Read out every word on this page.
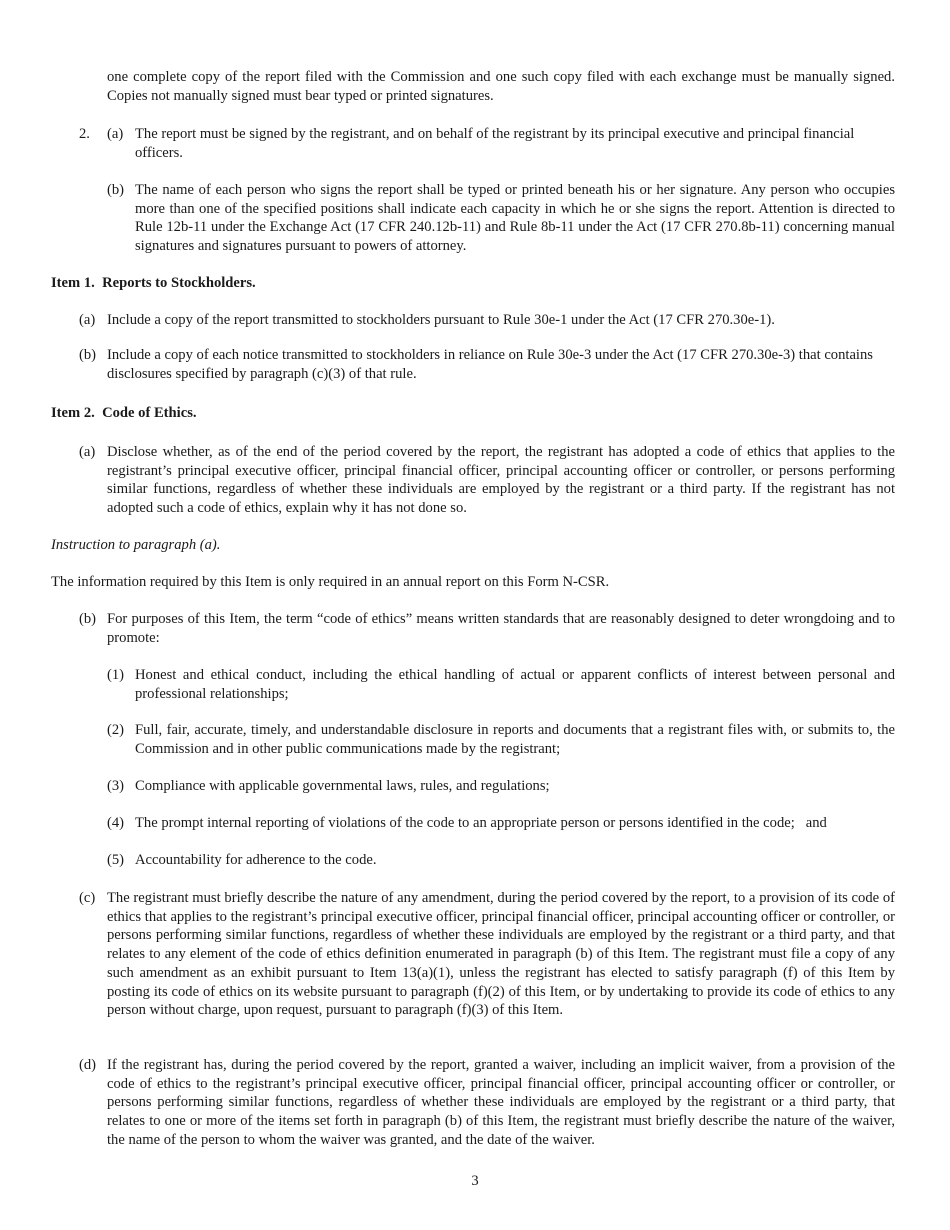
one complete copy of the report filed with the Commission and one such copy filed with each exchange must be manually signed. Copies not manually signed must bear typed or printed signatures.

2. (a) The report must be signed by the registrant, and on behalf of the registrant by its principal executive and principal financial officers.

(b) The name of each person who signs the report shall be typed or printed beneath his or her signature. Any person who occupies more than one of the specified positions shall indicate each capacity in which he or she signs the report. Attention is directed to Rule 12b-11 under the Exchange Act (17 CFR 240.12b-11) and Rule 8b-11 under the Act (17 CFR 270.8b-11) concerning manual signatures and signatures pursuant to powers of attorney.

Item 1.  Reports to Stockholders.

(a) Include a copy of the report transmitted to stockholders pursuant to Rule 30e-1 under the Act (17 CFR 270.30e-1).

(b) Include a copy of each notice transmitted to stockholders in reliance on Rule 30e-3 under the Act (17 CFR 270.30e-3) that contains disclosures specified by paragraph (c)(3) of that rule.

Item 2.  Code of Ethics.

(a) Disclose whether, as of the end of the period covered by the report, the registrant has adopted a code of ethics that applies to the registrant’s principal executive officer, principal financial officer, principal accounting officer or controller, or persons performing similar functions, regardless of whether these individuals are employed by the registrant or a third party. If the registrant has not adopted such a code of ethics, explain why it has not done so.

Instruction to paragraph (a).

The information required by this Item is only required in an annual report on this Form N-CSR.

(b) For purposes of this Item, the term “code of ethics” means written standards that are reasonably designed to deter wrongdoing and to promote:

(1) Honest and ethical conduct, including the ethical handling of actual or apparent conflicts of interest between personal and professional relationships;

(2) Full, fair, accurate, timely, and understandable disclosure in reports and documents that a registrant files with, or submits to, the Commission and in other public communications made by the registrant;

(3) Compliance with applicable governmental laws, rules, and regulations;

(4) The prompt internal reporting of violations of the code to an appropriate person or persons identified in the code;   and

(5) Accountability for adherence to the code.

(c) The registrant must briefly describe the nature of any amendment, during the period covered by the report, to a provision of its code of ethics that applies to the registrant’s principal executive officer, principal financial officer, principal accounting officer or controller, or persons performing similar functions, regardless of whether these individuals are employed by the registrant or a third party, and that relates to any element of the code of ethics definition enumerated in paragraph (b) of this Item. The registrant must file a copy of any such amendment as an exhibit pursuant to Item 13(a)(1), unless the registrant has elected to satisfy paragraph (f) of this Item by posting its code of ethics on its website pursuant to paragraph (f)(2) of this Item, or by undertaking to provide its code of ethics to any person without charge, upon request, pursuant to paragraph (f)(3) of this Item.

(d) If the registrant has, during the period covered by the report, granted a waiver, including an implicit waiver, from a provision of the code of ethics to the registrant’s principal executive officer, principal financial officer, principal accounting officer or controller, or persons performing similar functions, regardless of whether these individuals are employed by the registrant or a third party, that relates to one or more of the items set forth in paragraph (b) of this Item, the registrant must briefly describe the nature of the waiver, the name of the person to whom the waiver was granted, and the date of the waiver.

3
